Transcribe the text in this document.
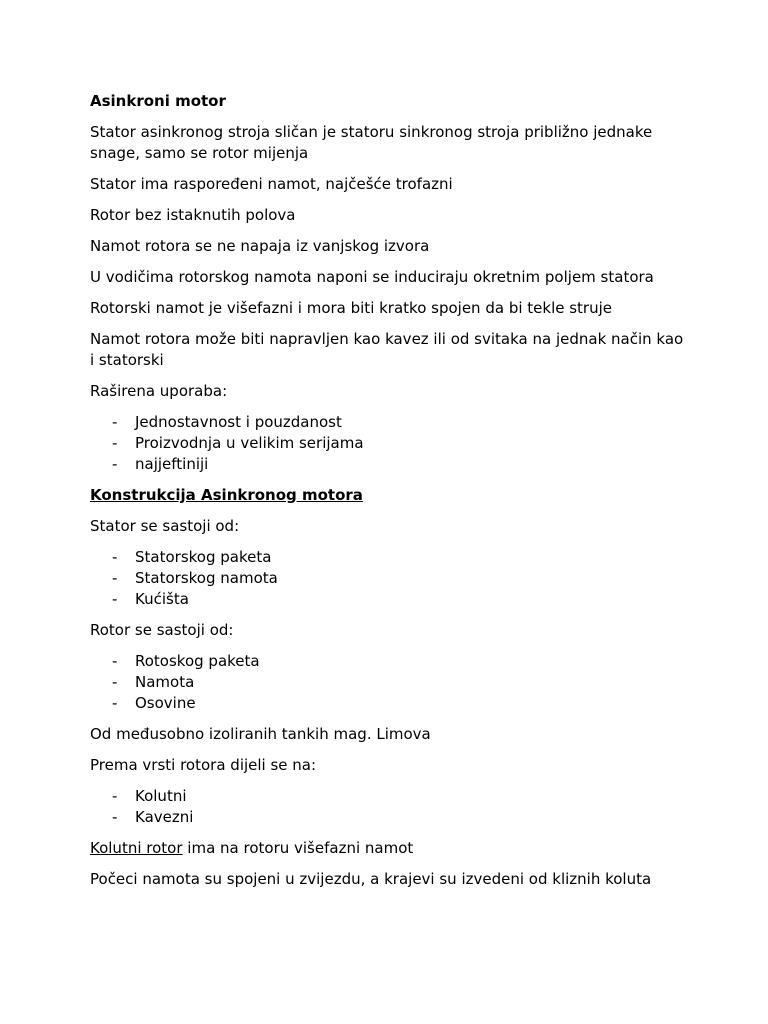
Asinkroni motor

Stator asinkronog stroja sličan je statoru sinkronog stroja približno jednake snage, samo se rotor mijenja

Stator ima raspoređeni namot, najčešće trofazni

Rotor bez istaknutih polova

Namot rotora se ne napaja iz vanjskog izvora

U vodičima rotorskog namota naponi se induciraju okretnim poljem statora

Rotorski namot je višefazni i mora biti kratko spojen da bi tekle struje

Namot rotora može biti napravljen kao kavez ili od svitaka na jednak način kao i statorski

Raširena uporaba:

- Jednostavnost i pouzdanost
- Proizvodnja u velikim serijama
- najjeftiniji

Konstrukcija Asinkronog motora

Stator se sastoji od:

- Statorskog paketa
- Statorskog namota
- Kućišta

Rotor se sastoji od:

- Rotoskog paketa
- Namota
- Osovine

Od međusobno izoliranih tankih mag. Limova

Prema vrsti rotora dijeli se na:

- Kolutni
- Kavezni

Kolutni rotor ima na rotoru višefazni namot

Počeci namota su spojeni u zvijezdu, a krajevi su izvedeni od kliznih koluta
